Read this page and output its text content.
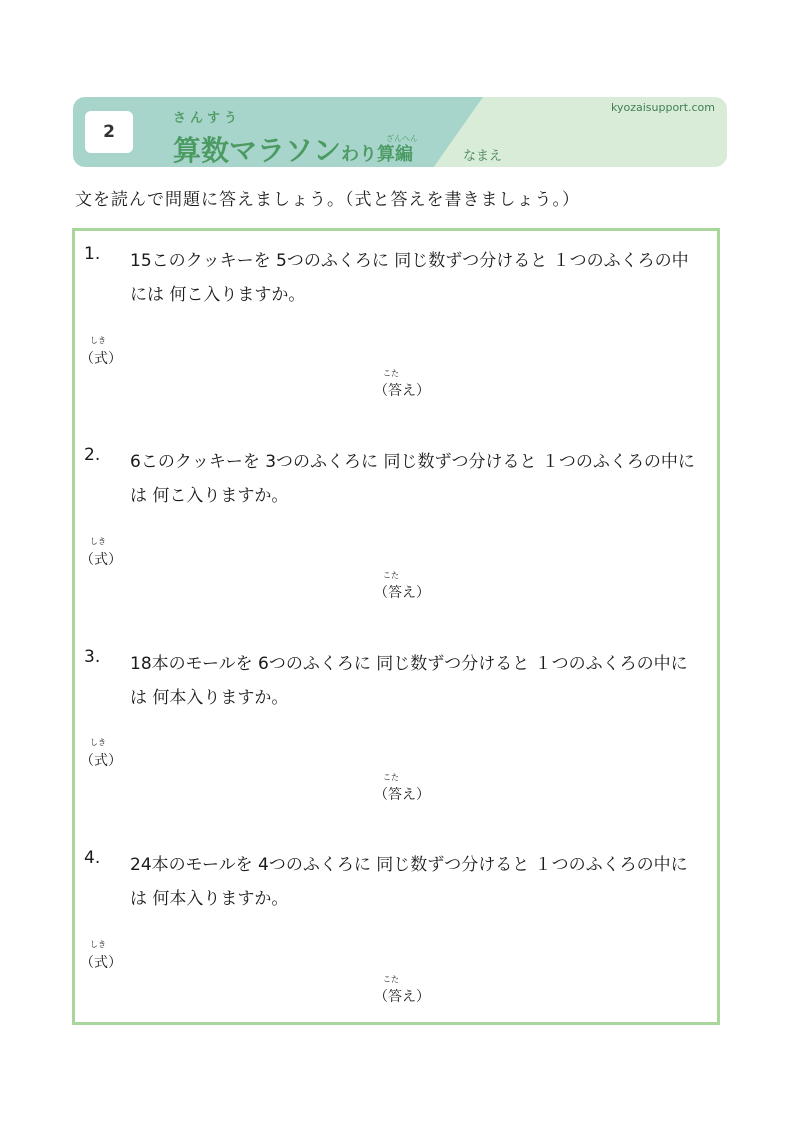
2
さんすう
算数マラソンわり算編
ざんへん
kyozaisupport.com
なまえ
文を読んで問題に答えましょう。（式と答えを書きましょう。）
1. 15このクッキーを 5つのふくろに 同じ数ずつ分けると １つのふくろの中
には 何こ入りますか。
しき
（式）
こた
（答え）
2. 6このクッキーを 3つのふくろに 同じ数ずつ分けると １つのふくろの中に
は 何こ入りますか。
しき
（式）
こた
（答え）
3. 18本のモールを 6つのふくろに 同じ数ずつ分けると １つのふくろの中に
は 何本入りますか。
しき
（式）
こた
（答え）
4. 24本のモールを 4つのふくろに 同じ数ずつ分けると １つのふくろの中に
は 何本入りますか。
しき
（式）
こた
（答え）
